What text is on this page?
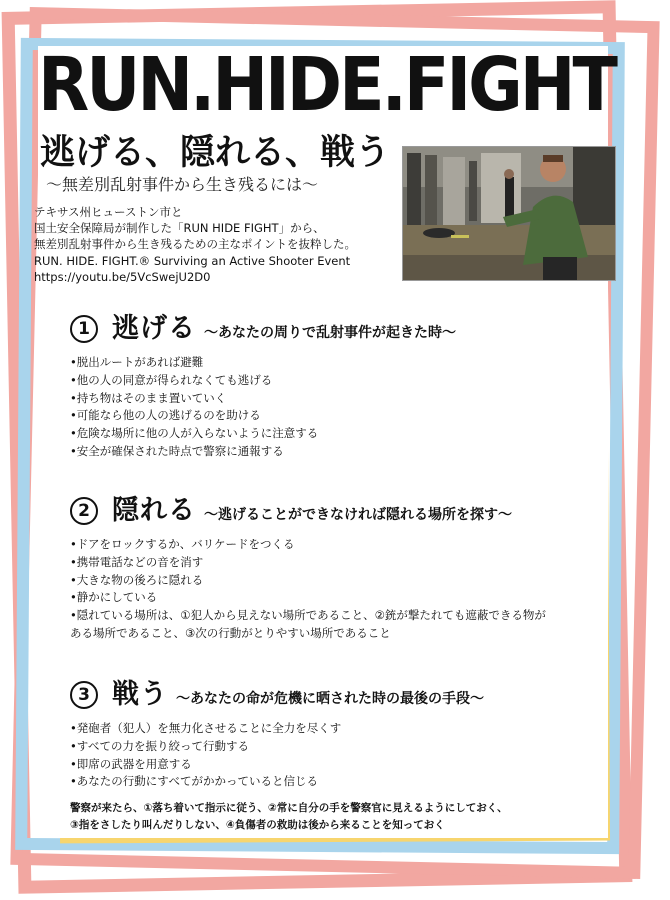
RUN.HIDE.FIGHT
逃げる、隠れる、戦う
〜無差別乱射事件から生き残るには〜
テキサス州ヒューストン市と
国土安全保障局が制作した「RUN HIDE FIGHT」から、
無差別乱射事件から生き残るための主なポイントを抜粋した。
RUN. HIDE. FIGHT.® Surviving an Active Shooter Event
https://youtu.be/5VcSwejU2D0
1 逃げる 〜あなたの周りで乱射事件が起きた時〜
•脱出ルートがあれば避難
•他の人の同意が得られなくても逃げる
•持ち物はそのまま置いていく
•可能なら他の人の逃げるのを助ける
•危険な場所に他の人が入らないように注意する
•安全が確保された時点で警察に通報する
2 隠れる 〜逃げることができなければ隠れる場所を探す〜
•ドアをロックするか、バリケードをつくる
•携帯電話などの音を消す
•大きな物の後ろに隠れる
•静かにしている
•隠れている場所は、①犯人から見えない場所であること、②銃が撃たれても遮蔽できる物が
ある場所であること、③次の行動がとりやすい場所であること
3 戦う 〜あなたの命が危機に晒された時の最後の手段〜
•発砲者（犯人）を無力化させることに全力を尽くす
•すべての力を振り絞って行動する
•即席の武器を用意する
•あなたの行動にすべてがかかっていると信じる
警察が来たら、①落ち着いて指示に従う、②常に自分の手を警察官に見えるようにしておく、
③指をさしたり叫んだりしない、④負傷者の救助は後から来ることを知っておく
